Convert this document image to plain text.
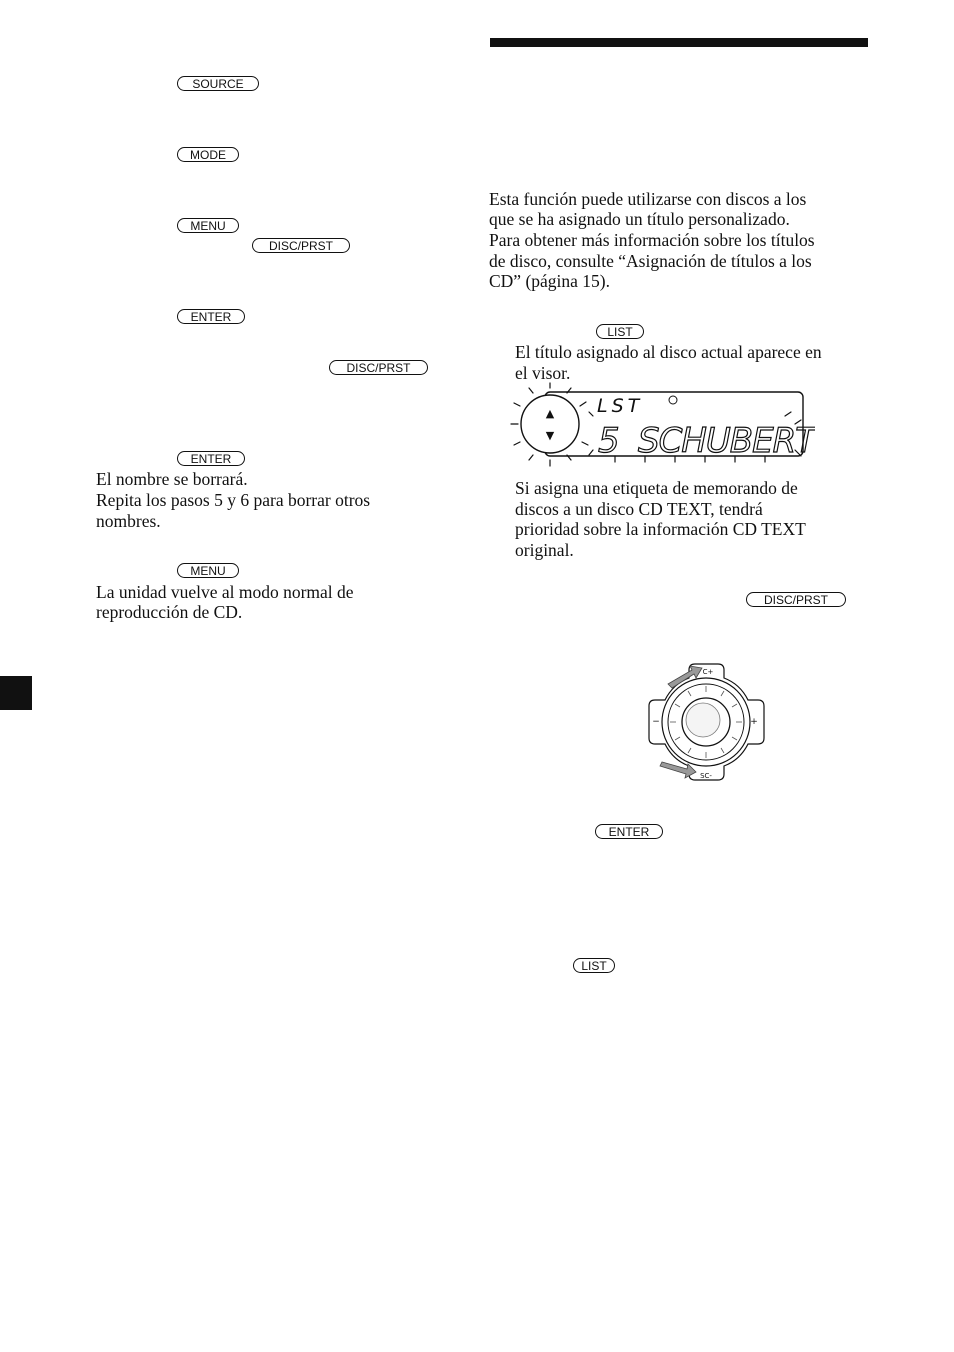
SOURCE
MODE
MENU
DISC/PRST
ENTER
DISC/PRST
ENTER
El nombre se borrará.
Repita los pasos 5 y 6 para borrar otros
nombres.
MENU
La unidad vuelve al modo normal de
reproducción de CD.
Esta función puede utilizarse con discos a los
que se ha asignado un título personalizado.
Para obtener más información sobre los títulos
de disco, consulte “Asignación de títulos a los
CD” (página 15).
LIST
El título asignado al disco actual aparece en
el visor.
▲
▼
LST
5 SCHUBERT
Si asigna una etiqueta de memorando de
discos a un disco CD TEXT, tendrá
prioridad sobre la información CD TEXT
original.
DISC/PRST
C+
SC-
−	+
ENTER
LIST
